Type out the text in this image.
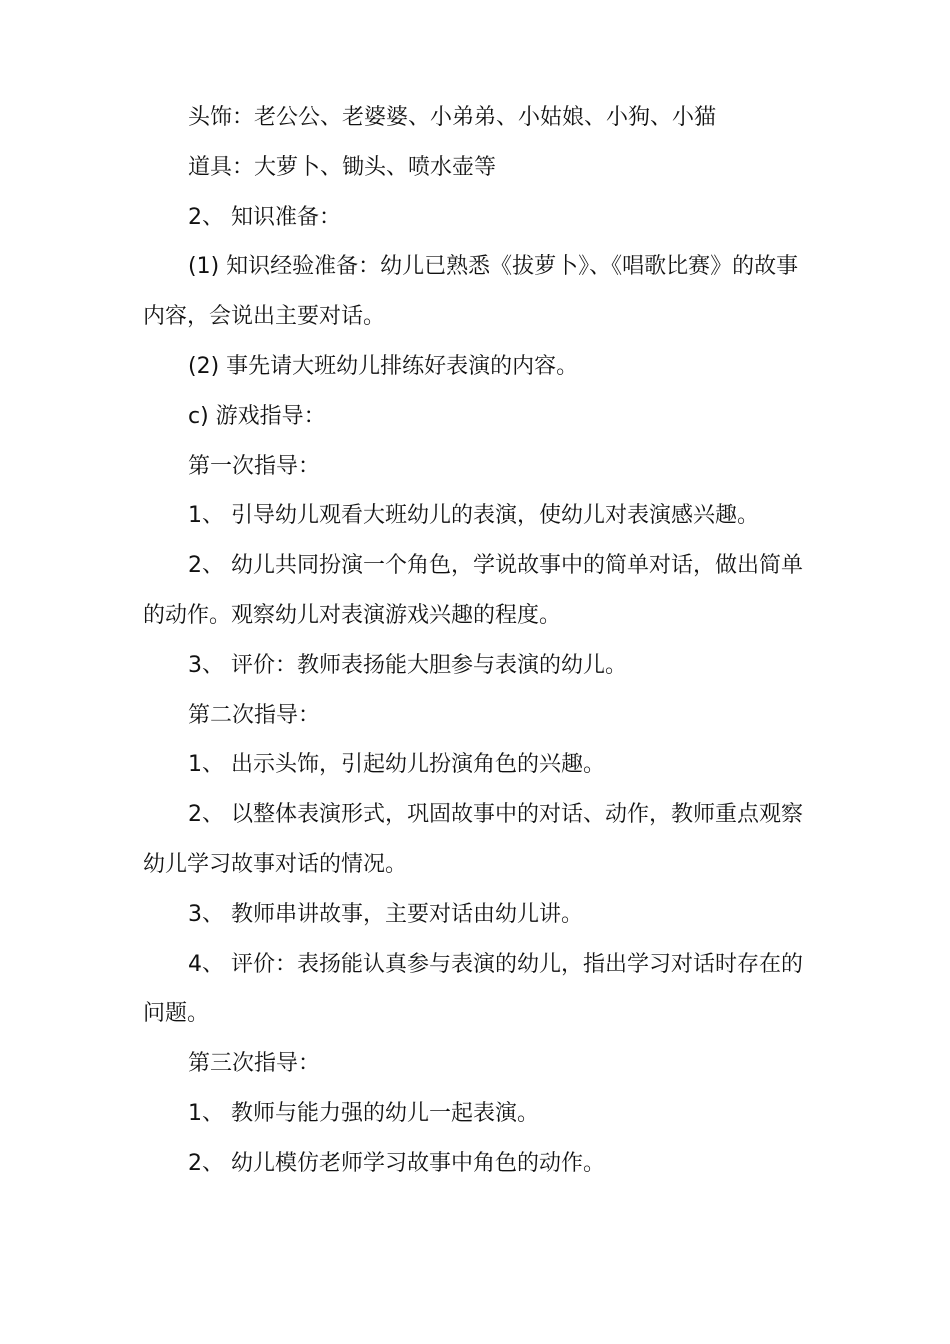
头饰：老公公、老婆婆、小弟弟、小姑娘、小狗、小猫
道具：大萝卜、锄头、喷水壶等
2、 知识准备：
(1) 知识经验准备：幼儿已熟悉《拔萝卜》、《唱歌比赛》的故事
内容，会说出主要对话。
(2) 事先请大班幼儿排练好表演的内容。
c) 游戏指导：
第一次指导：
1、 引导幼儿观看大班幼儿的表演，使幼儿对表演感兴趣。
2、 幼儿共同扮演一个角色，学说故事中的简单对话，做出简单
的动作。观察幼儿对表演游戏兴趣的程度。
3、 评价：教师表扬能大胆参与表演的幼儿。
第二次指导：
1、 出示头饰，引起幼儿扮演角色的兴趣。
2、 以整体表演形式，巩固故事中的对话、动作，教师重点观察
幼儿学习故事对话的情况。
3、 教师串讲故事，主要对话由幼儿讲。
4、 评价：表扬能认真参与表演的幼儿，指出学习对话时存在的
问题。
第三次指导：
1、 教师与能力强的幼儿一起表演。
2、 幼儿模仿老师学习故事中角色的动作。
